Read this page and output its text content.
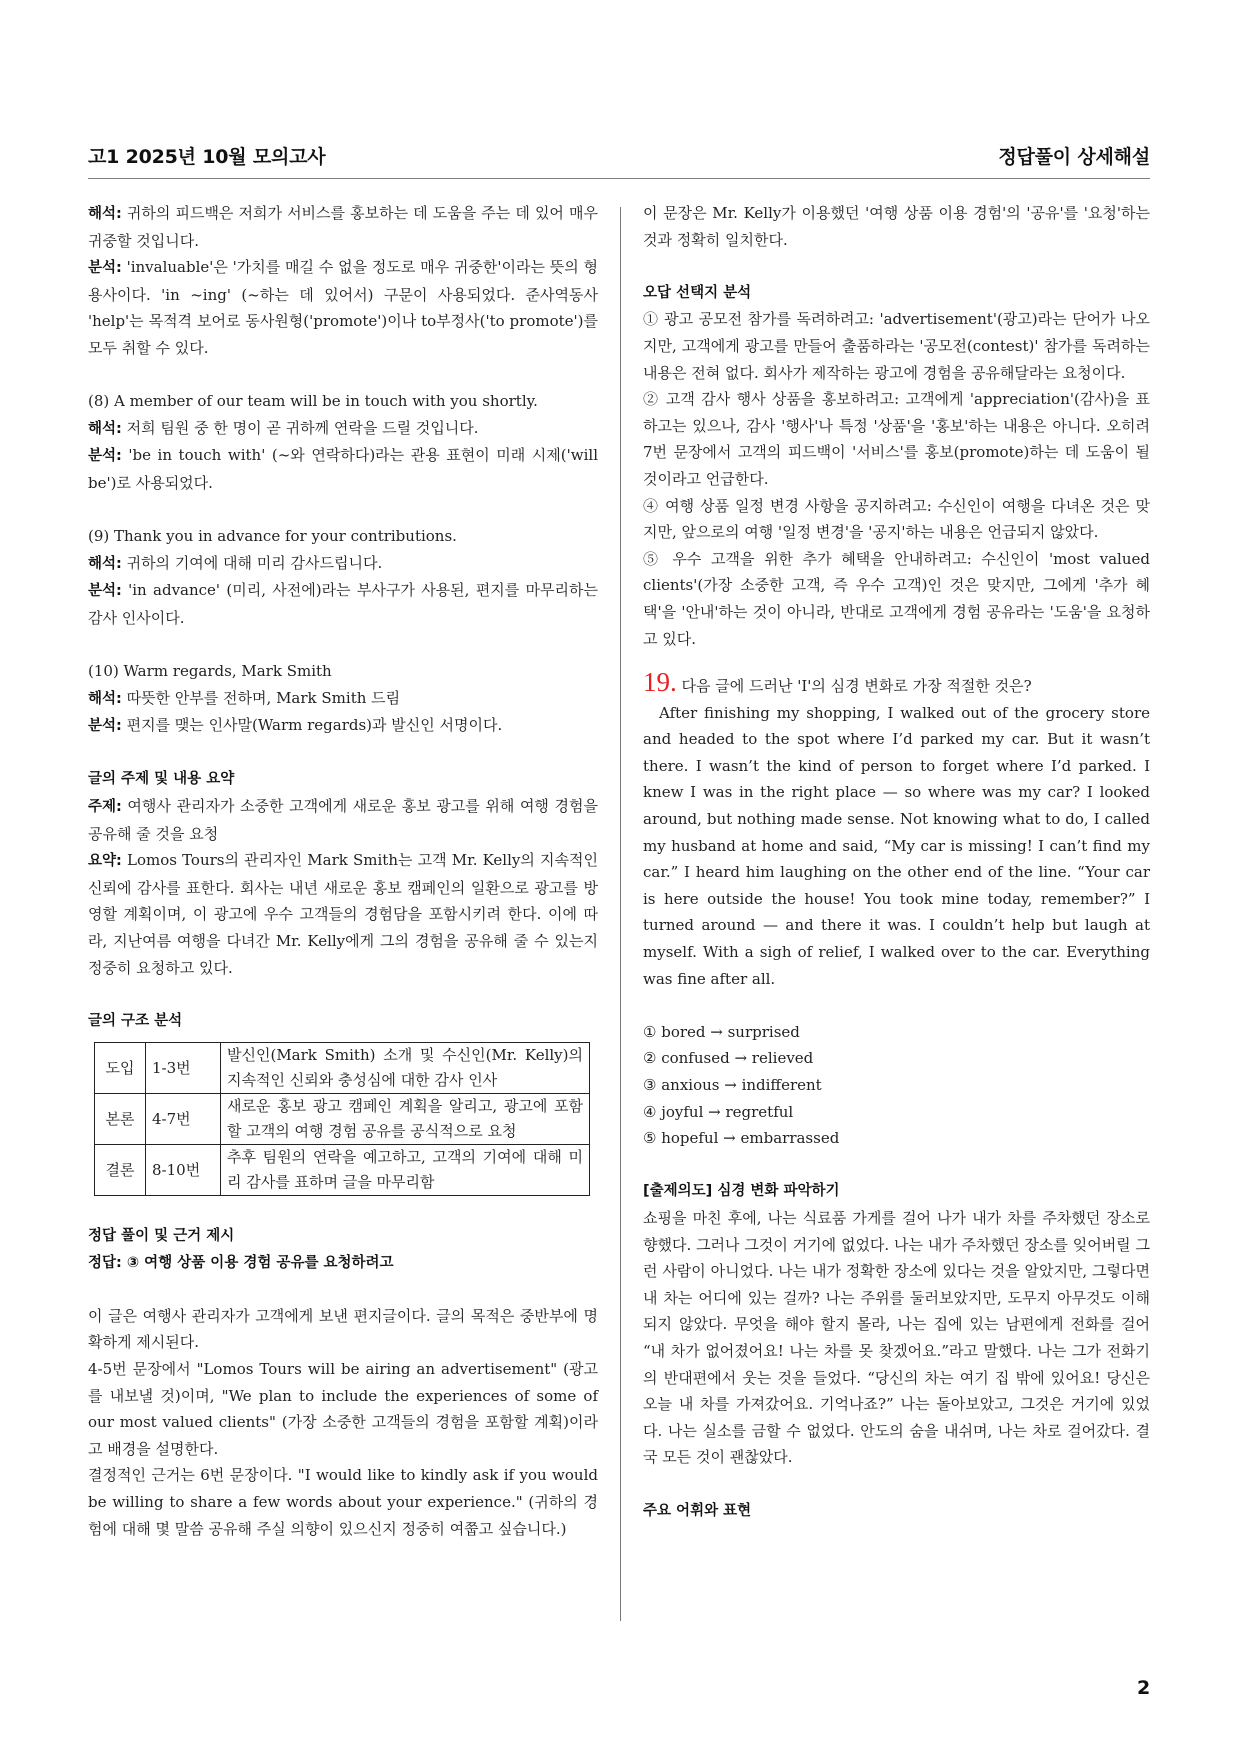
고1 2025년 10월 모의고사	정답풀이 상세해설

해석: 귀하의 피드백은 저희가 서비스를 홍보하는 데 도움을 주는 데 있어 매우 귀중할 것입니다.

분석: 'invaluable'은 '가치를 매길 수 없을 정도로 매우 귀중한'이라는 뜻의 형용사이다. 'in ~ing' (~하는 데 있어서) 구문이 사용되었다. 준사역동사 'help'는 목적격 보어로 동사원형('promote')이나 to부정사('to promote')를 모두 취할 수 있다.

(8) A member of our team will be in touch with you shortly.

해석: 저희 팀원 중 한 명이 곧 귀하께 연락을 드릴 것입니다.

분석: 'be in touch with' (~와 연락하다)라는 관용 표현이 미래 시제('will be')로 사용되었다.

(9) Thank you in advance for your contributions.

해석: 귀하의 기여에 대해 미리 감사드립니다.

분석: 'in advance' (미리, 사전에)라는 부사구가 사용된, 편지를 마무리하는 감사 인사이다.

(10) Warm regards, Mark Smith

해석: 따뜻한 안부를 전하며, Mark Smith 드림

분석: 편지를 맺는 인사말(Warm regards)과 발신인 서명이다.

글의 주제 및 내용 요약

주제: 여행사 관리자가 소중한 고객에게 새로운 홍보 광고를 위해 여행 경험을 공유해 줄 것을 요청

요약: Lomos Tours의 관리자인 Mark Smith는 고객 Mr. Kelly의 지속적인 신뢰에 감사를 표한다. 회사는 내년 새로운 홍보 캠페인의 일환으로 광고를 방영할 계획이며, 이 광고에 우수 고객들의 경험담을 포함시키려 한다. 이에 따라, 지난여름 여행을 다녀간 Mr. Kelly에게 그의 경험을 공유해 줄 수 있는지 정중히 요청하고 있다.

글의 구조 분석

도입	1-3번	발신인(Mark Smith) 소개 및 수신인(Mr. Kelly)의 지속적인 신뢰와 충성심에 대한 감사 인사
본론	4-7번	새로운 홍보 광고 캠페인 계획을 알리고, 광고에 포함할 고객의 여행 경험 공유를 공식적으로 요청
결론	8-10번	추후 팀원의 연락을 예고하고, 고객의 기여에 대해 미리 감사를 표하며 글을 마무리함

정답 풀이 및 근거 제시

정답: ③ 여행 상품 이용 경험 공유를 요청하려고

이 글은 여행사 관리자가 고객에게 보낸 편지글이다. 글의 목적은 중반부에 명확하게 제시된다.

4-5번 문장에서 "Lomos Tours will be airing an advertisement" (광고를 내보낼 것)이며, "We plan to include the experiences of some of our most valued clients" (가장 소중한 고객들의 경험을 포함할 계획)이라고 배경을 설명한다.

결정적인 근거는 6번 문장이다. "I would like to kindly ask if you would be willing to share a few words about your experience." (귀하의 경험에 대해 몇 말씀 공유해 주실 의향이 있으신지 정중히 여쭙고 싶습니다.)

이 문장은 Mr. Kelly가 이용했던 '여행 상품 이용 경험'의 '공유'를 '요청'하는 것과 정확히 일치한다.

오답 선택지 분석

① 광고 공모전 참가를 독려하려고: 'advertisement'(광고)라는 단어가 나오지만, 고객에게 광고를 만들어 출품하라는 '공모전(contest)' 참가를 독려하는 내용은 전혀 없다. 회사가 제작하는 광고에 경험을 공유해달라는 요청이다.

② 고객 감사 행사 상품을 홍보하려고: 고객에게 'appreciation'(감사)을 표하고는 있으나, 감사 '행사'나 특정 '상품'을 '홍보'하는 내용은 아니다. 오히려 7번 문장에서 고객의 피드백이 '서비스'를 홍보(promote)하는 데 도움이 될 것이라고 언급한다.

④ 여행 상품 일정 변경 사항을 공지하려고: 수신인이 여행을 다녀온 것은 맞지만, 앞으로의 여행 '일정 변경'을 '공지'하는 내용은 언급되지 않았다.

⑤ 우수 고객을 위한 추가 혜택을 안내하려고: 수신인이 'most valued clients'(가장 소중한 고객, 즉 우수 고객)인 것은 맞지만, 그에게 '추가 혜택'을 '안내'하는 것이 아니라, 반대로 고객에게 경험 공유라는 '도움'을 요청하고 있다.

19. 다음 글에 드러난 'I'의 심경 변화로 가장 적절한 것은?

After finishing my shopping, I walked out of the grocery store and headed to the spot where I’d parked my car. But it wasn’t there. I wasn’t the kind of person to forget where I’d parked. I knew I was in the right place — so where was my car? I looked around, but nothing made sense. Not knowing what to do, I called my husband at home and said, “My car is missing! I can’t find my car.” I heard him laughing on the other end of the line. “Your car is here outside the house! You took mine today, remember?” I turned around — and there it was. I couldn’t help but laugh at myself. With a sigh of relief, I walked over to the car. Everything was fine after all.

① bored → surprised
② confused → relieved
③ anxious → indifferent
④ joyful → regretful
⑤ hopeful → embarrassed

[출제의도] 심경 변화 파악하기

쇼핑을 마친 후에, 나는 식료품 가게를 걸어 나가 내가 차를 주차했던 장소로 향했다. 그러나 그것이 거기에 없었다. 나는 내가 주차했던 장소를 잊어버릴 그런 사람이 아니었다. 나는 내가 정확한 장소에 있다는 것을 알았지만, 그렇다면 내 차는 어디에 있는 걸까? 나는 주위를 둘러보았지만, 도무지 아무것도 이해되지 않았다. 무엇을 해야 할지 몰라, 나는 집에 있는 남편에게 전화를 걸어 “내 차가 없어졌어요! 나는 차를 못 찾겠어요.”라고 말했다. 나는 그가 전화기의 반대편에서 웃는 것을 들었다. “당신의 차는 여기 집 밖에 있어요! 당신은 오늘 내 차를 가져갔어요. 기억나죠?” 나는 돌아보았고, 그것은 거기에 있었다. 나는 실소를 금할 수 없었다. 안도의 숨을 내쉬며, 나는 차로 걸어갔다. 결국 모든 것이 괜찮았다.

주요 어휘와 표현

2
